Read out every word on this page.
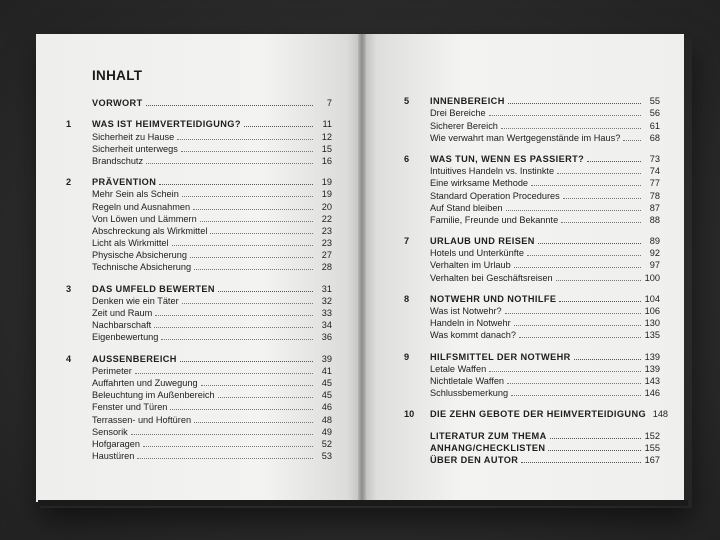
INHALT
VORWORT	7
1	WAS IST HEIMVERTEIDIGUNG?	11
Sicherheit zu Hause	12
Sicherheit unterwegs	15
Brandschutz	16
2	PRÄVENTION	19
Mehr Sein als Schein	19
Regeln und Ausnahmen	20
Von Löwen und Lämmern	22
Abschreckung als Wirkmittel	23
Licht als Wirkmittel	23
Physische Absicherung	27
Technische Absicherung	28
3	DAS UMFELD BEWERTEN	31
Denken wie ein Täter	32
Zeit und Raum	33
Nachbarschaft	34
Eigenbewertung	36
4	AUSSENBEREICH	39
Perimeter	41
Auffahrten und Zuwegung	45
Beleuchtung im Außenbereich	45
Fenster und Türen	46
Terrassen- und Hoftüren	48
Sensorik	49
Hofgaragen	52
Haustüren	53
5	INNENBEREICH	55
Drei Bereiche	56
Sicherer Bereich	61
Wie verwahrt man Wertgegenstände im Haus?	68
6	WAS TUN, WENN ES PASSIERT?	73
Intuitives Handeln vs. Instinkte	74
Eine wirksame Methode	77
Standard Operation Procedures	78
Auf Stand bleiben	87
Familie, Freunde und Bekannte	88
7	URLAUB UND REISEN	89
Hotels und Unterkünfte	92
Verhalten im Urlaub	97
Verhalten bei Geschäftsreisen	100
8	NOTWEHR UND NOTHILFE	104
Was ist Notwehr?	106
Handeln in Notwehr	130
Was kommt danach?	135
9	HILFSMITTEL DER NOTWEHR	139
Letale Waffen	139
Nichtletale Waffen	143
Schlussbemerkung	146
10	DIE ZEHN GEBOTE DER HEIMVERTEIDIGUNG 148
LITERATUR ZUM THEMA	152
ANHANG/CHECKLISTEN	155
ÜBER DEN AUTOR	167
